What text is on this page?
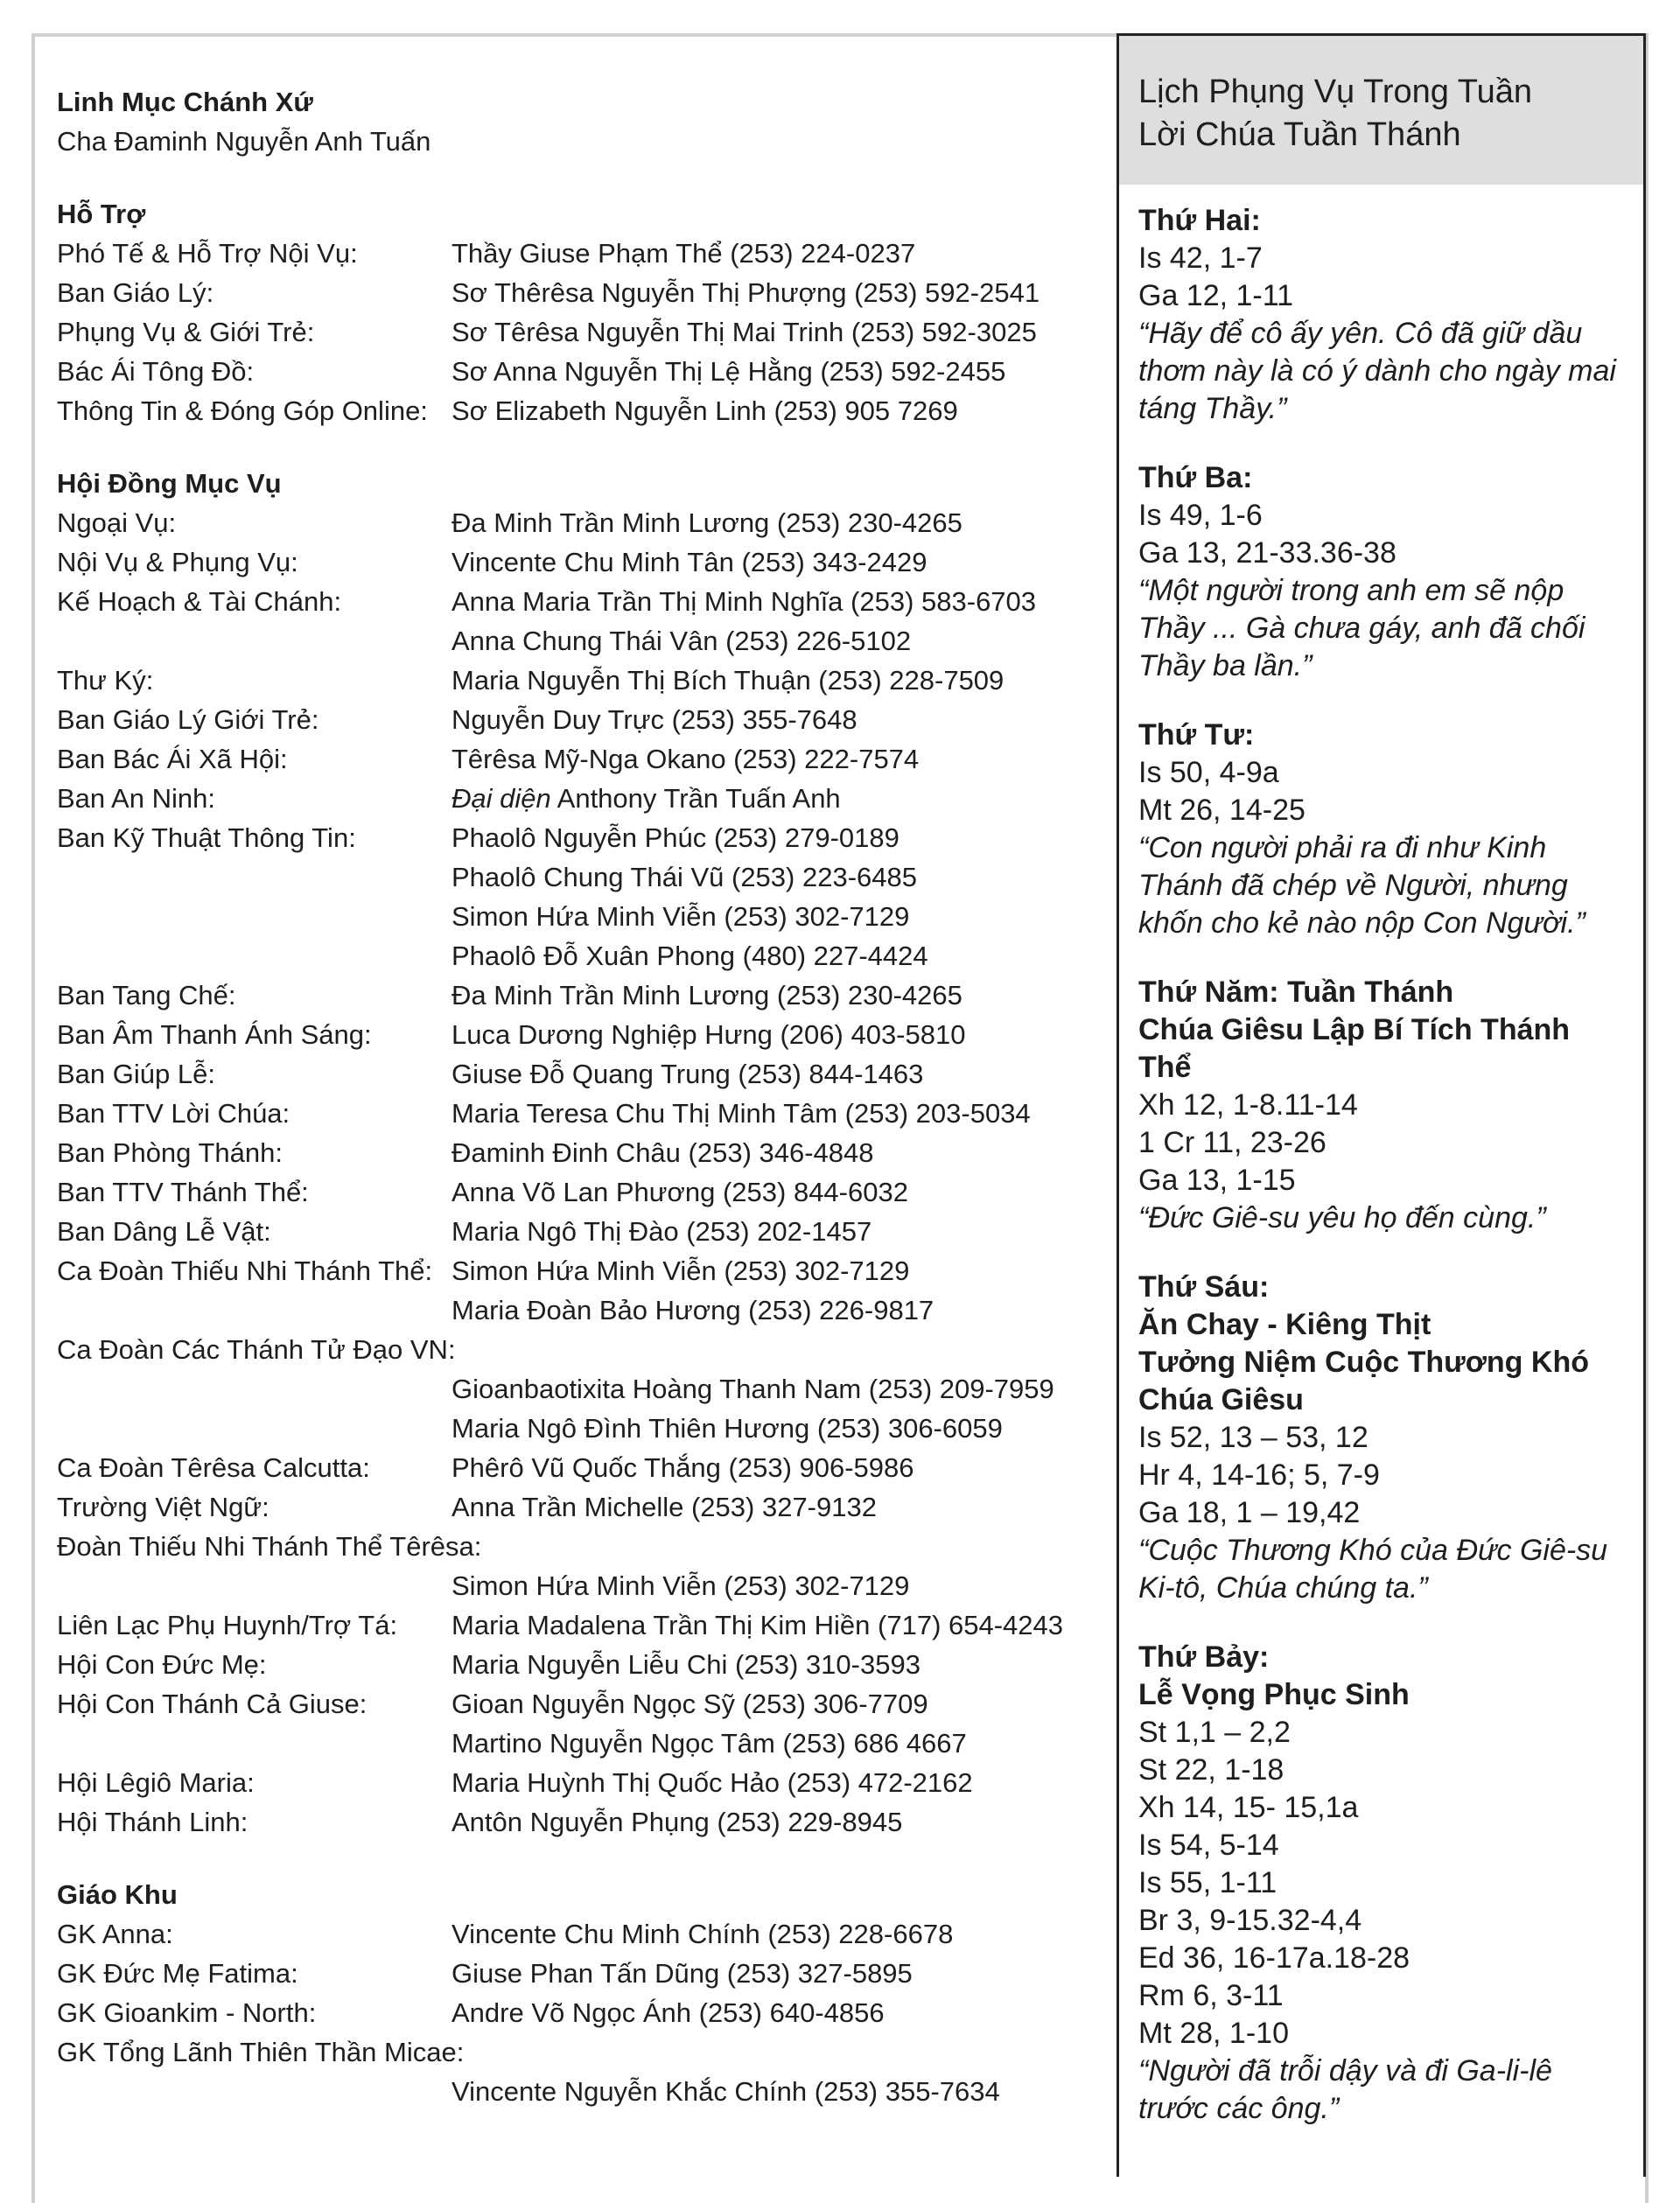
Linh Mục Chánh Xứ
Cha Đaminh Nguyễn Anh Tuấn
Hỗ Trợ
Phó Tế & Hỗ Trợ Nội Vụ:	Thầy Giuse Phạm Thể (253) 224-0237
Ban Giáo Lý:	Sơ Thêrêsa Nguyễn Thị Phượng (253) 592-2541
Phụng Vụ & Giới Trẻ:	Sơ Têrêsa Nguyễn Thị Mai Trinh (253) 592-3025
Bác Ái Tông Đồ:	Sơ Anna Nguyễn Thị Lệ Hằng (253) 592-2455
Thông Tin & Đóng Góp Online: Sơ Elizabeth Nguyễn Linh (253) 905 7269
Hội Đồng Mục Vụ
Ngoại Vụ:	Đa Minh Trần Minh Lương (253) 230-4265
Nội Vụ & Phụng Vụ:	Vincente Chu Minh Tân (253) 343-2429
Kế Hoạch & Tài Chánh:	Anna Maria Trần Thị Minh Nghĩa (253) 583-6703
Anna Chung Thái Vân (253) 226-5102
Thư Ký:	Maria Nguyễn Thị Bích Thuận (253) 228-7509
Ban Giáo Lý Giới Trẻ:	Nguyễn Duy Trực (253) 355-7648
Ban Bác Ái Xã Hội:	Têrêsa Mỹ-Nga Okano (253) 222-7574
Ban An Ninh:	Đại diện Anthony Trần Tuấn Anh
Ban Kỹ Thuật Thông Tin:	Phaolô Nguyễn Phúc (253) 279-0189
Phaolô Chung Thái Vũ (253) 223-6485
Simon Hứa Minh Viễn (253) 302-7129
Phaolô Đỗ Xuân Phong (480) 227-4424
Ban Tang Chế:	Đa Minh Trần Minh Lương (253) 230-4265
Ban Âm Thanh Ánh Sáng:	Luca Dương Nghiệp Hưng (206) 403-5810
Ban Giúp Lễ:	Giuse Đỗ Quang Trung (253) 844-1463
Ban TTV Lời Chúa:	Maria Teresa Chu Thị Minh Tâm (253) 203-5034
Ban Phòng Thánh:	Đaminh Đinh Châu (253) 346-4848
Ban TTV Thánh Thể:	Anna Võ Lan Phương (253) 844-6032
Ban Dâng Lễ Vật:	Maria Ngô Thị Đào (253) 202-1457
Ca Đoàn Thiếu Nhi Thánh Thể: Simon Hứa Minh Viễn (253) 302-7129
Maria Đoàn Bảo Hương (253) 226-9817
Ca Đoàn Các Thánh Tử Đạo VN:
Gioanbaotixita Hoàng Thanh Nam (253) 209-7959
Maria Ngô Đình Thiên Hương (253) 306-6059
Ca Đoàn Têrêsa Calcutta:	Phêrô Vũ Quốc Thắng (253) 906-5986
Trường Việt Ngữ:	Anna Trần Michelle (253) 327-9132
Đoàn Thiếu Nhi Thánh Thể Têrêsa:
Simon Hứa Minh Viễn (253) 302-7129
Liên Lạc Phụ Huynh/Trợ Tá: Maria Madalena Trần Thị Kim Hiền (717) 654-4243
Hội Con Đức Mẹ:	Maria Nguyễn Liễu Chi (253) 310-3593
Hội Con Thánh Cả Giuse:	Gioan Nguyễn Ngọc Sỹ (253) 306-7709
Martino Nguyễn Ngọc Tâm (253) 686 4667
Hội Lêgiô Maria:	Maria Huỳnh Thị Quốc Hảo (253) 472-2162
Hội Thánh Linh:	Antôn Nguyễn Phụng (253) 229-8945
Giáo Khu
GK Anna:	Vincente Chu Minh Chính (253) 228-6678
GK Đức Mẹ Fatima:	Giuse Phan Tấn Dũng (253) 327-5895
GK Gioankim - North:	Andre Võ Ngọc Ánh (253) 640-4856
GK Tổng Lãnh Thiên Thần Micae:
Vincente Nguyễn Khắc Chính (253) 355-7634
Lịch Phụng Vụ Trong Tuần
Lời Chúa Tuần Thánh
Thứ Hai:
Is 42, 1-7
Ga 12, 1-11
“Hãy để cô ấy yên. Cô đã giữ dầu thơm này là có ý dành cho ngày mai táng Thầy.”
Thứ Ba:
Is 49, 1-6
Ga 13, 21-33.36-38
“Một người trong anh em sẽ nộp Thầy ... Gà chưa gáy, anh đã chối Thầy ba lần.”
Thứ Tư:
Is 50, 4-9a
Mt 26, 14-25
“Con người phải ra đi như Kinh Thánh đã chép về Người, nhưng khốn cho kẻ nào nộp Con Người.”
Thứ Năm: Tuần Thánh
Chúa Giêsu Lập Bí Tích Thánh Thể
Xh 12, 1-8.11-14
1 Cr 11, 23-26
Ga 13, 1-15
“Đức Giê-su yêu họ đến cùng.”
Thứ Sáu:
Ăn Chay - Kiêng Thịt
Tưởng Niệm Cuộc Thương Khó Chúa Giêsu
Is 52, 13 – 53, 12
Hr 4, 14-16; 5, 7-9
Ga 18, 1 – 19,42
“Cuộc Thương Khó của Đức Giê-su Ki-tô, Chúa chúng ta.”
Thứ Bảy:
Lễ Vọng Phục Sinh
St 1,1 – 2,2
St 22, 1-18
Xh 14, 15- 15,1a
Is 54, 5-14
Is 55, 1-11
Br 3, 9-15.32-4,4
Ed 36, 16-17a.18-28
Rm 6, 3-11
Mt 28, 1-10
“Người đã trỗi dậy và đi Ga-li-lê trước các ông.”
